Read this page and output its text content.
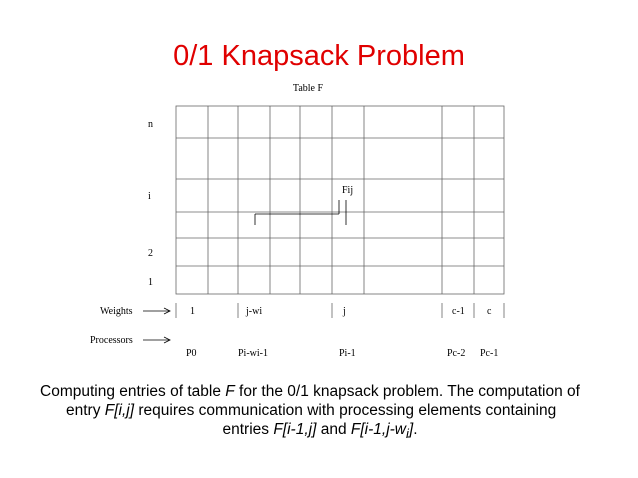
0/1 Knapsack Problem
Table F
n
i
2
1
Fij
Weights	1	j-wi	j	c-1 c
Processors
P0	Pi-wi-1	Pi-1	Pc-2 Pc-1
Computing entries of table F for the 0/1 knapsack problem. The computation of
entry F[i,j] requires communication with processing elements containing
entries F[i-1,j] and $F[i-1,j-w_i]$.
